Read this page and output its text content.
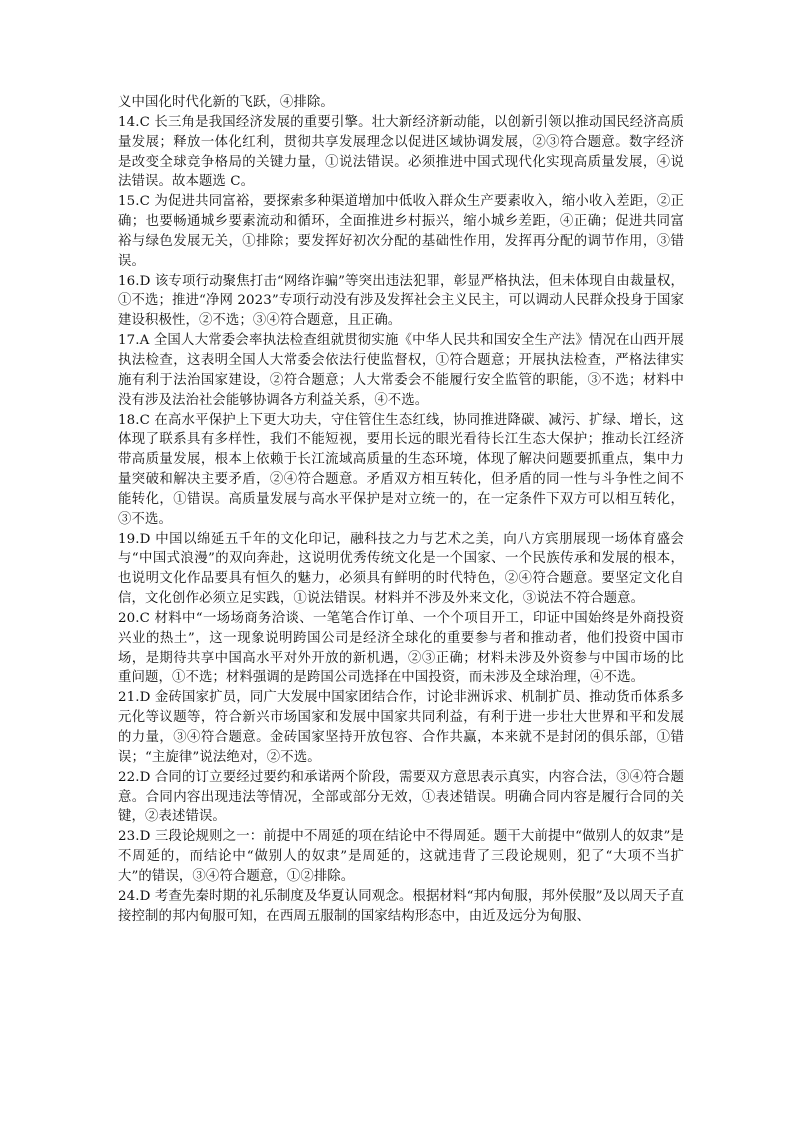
义中国化时代化新的飞跃，④排除。

14.C 长三角是我国经济发展的重要引擎。壮大新经济新动能，以创新引领以推动国民经济高质量发展；释放一体化红利，贯彻共享发展理念以促进区域协调发展，②③符合题意。数字经济是改变全球竞争格局的关键力量，①说法错误。必须推进中国式现代化实现高质量发展，④说法错误。故本题选 C。

15.C 为促进共同富裕，要探索多种渠道增加中低收入群众生产要素收入，缩小收入差距，②正确；也要畅通城乡要素流动和循环，全面推进乡村振兴，缩小城乡差距，④正确；促进共同富裕与绿色发展无关，①排除；要发挥好初次分配的基础性作用，发挥再分配的调节作用，③错误。

16.D 该专项行动聚焦打击“网络诈骗”等突出违法犯罪，彰显严格执法，但未体现自由裁量权，①不选；推进“净网 2023”专项行动没有涉及发挥社会主义民主，可以调动人民群众投身于国家建设积极性，②不选；③④符合题意，且正确。

17.A 全国人大常委会率执法检查组就贯彻实施《中华人民共和国安全生产法》情况在山西开展执法检查，这表明全国人大常委会依法行使监督权，①符合题意；开展执法检查，严格法律实施有利于法治国家建设，②符合题意；人大常委会不能履行安全监管的职能，③不选；材料中没有涉及法治社会能够协调各方利益关系，④不选。

18.C 在高水平保护上下更大功夫，守住管住生态红线，协同推进降碳、减污、扩绿、增长，这体现了联系具有多样性，我们不能短视，要用长远的眼光看待长江生态大保护；推动长江经济带高质量发展，根本上依赖于长江流域高质量的生态环境，体现了解决问题要抓重点，集中力量突破和解决主要矛盾，②④符合题意。矛盾双方相互转化，但矛盾的同一性与斗争性之间不能转化，①错误。高质量发展与高水平保护是对立统一的，在一定条件下双方可以相互转化，③不选。

19.D 中国以绵延五千年的文化印记，融科技之力与艺术之美，向八方宾朋展现一场体育盛会与“中国式浪漫”的双向奔赴，这说明优秀传统文化是一个国家、一个民族传承和发展的根本，也说明文化作品要具有恒久的魅力，必须具有鲜明的时代特色，②④符合题意。要坚定文化自信，文化创作必须立足实践，①说法错误。材料并不涉及外来文化，③说法不符合题意。

20.C 材料中“一场场商务洽谈、一笔笔合作订单、一个个项目开工，印证中国始终是外商投资兴业的热土”，这一现象说明跨国公司是经济全球化的重要参与者和推动者，他们投资中国市场，是期待共享中国高水平对外开放的新机遇，②③正确；材料未涉及外资参与中国市场的比重问题，①不选；材料强调的是跨国公司选择在中国投资，而未涉及全球治理，④不选。

21.D 金砖国家扩员，同广大发展中国家团结合作，讨论非洲诉求、机制扩员、推动货币体系多元化等议题等，符合新兴市场国家和发展中国家共同利益，有利于进一步壮大世界和平和发展的力量，③④符合题意。金砖国家坚持开放包容、合作共赢，本来就不是封闭的俱乐部，①错误；“主旋律”说法绝对，②不选。

22.D 合同的订立要经过要约和承诺两个阶段，需要双方意思表示真实，内容合法，③④符合题意。合同内容出现违法等情况，全部或部分无效，①表述错误。明确合同内容是履行合同的关键，②表述错误。

23.D 三段论规则之一：前提中不周延的项在结论中不得周延。题干大前提中“做别人的奴隶”是不周延的，而结论中“做别人的奴隶”是周延的，这就违背了三段论规则，犯了“大项不当扩大”的错误，③④符合题意，①②排除。

24.D 考查先秦时期的礼乐制度及华夏认同观念。根据材料“邦内甸服，邦外侯服”及以周天子直接控制的邦内甸服可知，在西周五服制的国家结构形态中，由近及远分为甸服、
